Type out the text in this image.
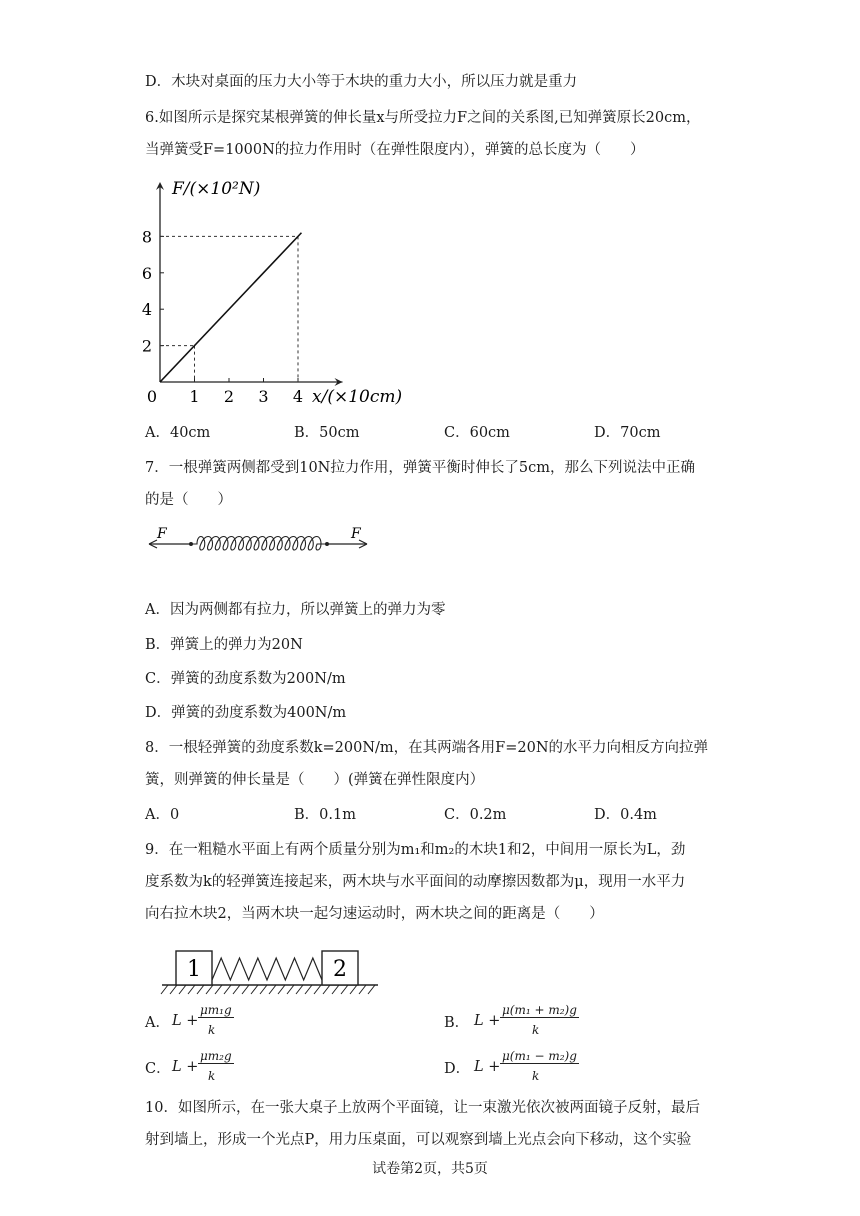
D．木块对桌面的压力大小等于木块的重力大小，所以压力就是重力
6.如图所示是探究某根弹簧的伸长量x与所受拉力F之间的关系图,已知弹簧原长20cm，
当弹簧受F=1000N的拉力作用时（在弹性限度内），弹簧的总长度为（　　）
1 2 3 4
2
4
6
8
0
F/(×10²N)
x/(×10cm)
A．40cm	B．50cm	C．60cm	D．70cm
7．一根弹簧两侧都受到10N拉力作用，弹簧平衡时伸长了5cm，那么下列说法中正确
的是（　　）
F	F
A．因为两侧都有拉力，所以弹簧上的弹力为零
B．弹簧上的弹力为20N
C．弹簧的劲度系数为200N/m
D．弹簧的劲度系数为400N/m
8．一根轻弹簧的劲度系数k=200N/m，在其两端各用F=20N的水平力向相反方向拉弹
簧，则弹簧的伸长量是（　　）(弹簧在弹性限度内）
A．0	B．0.1m	C．0.2m	D．0.4m
9．在一粗糙水平面上有两个质量分别为m₁和m₂的木块1和2，中间用一原长为L，劲
度系数为k的轻弹簧连接起来，两木块与水平面间的动摩擦因数都为μ，现用一水平力
向右拉木块2，当两木块一起匀速运动时，两木块之间的距离是（　　）
1	2
A． L +
μm₁g
k	B． L +
μ(m₁ + m₂)g
k
C． L +
μm₂g
k	D． L +
μ(m₁ − m₂)g
k
10．如图所示，在一张大桌子上放两个平面镜，让一束激光依次被两面镜子反射，最后
射到墙上，形成一个光点P，用力压桌面，可以观察到墙上光点会向下移动，这个实验
试卷第2页，共5页
